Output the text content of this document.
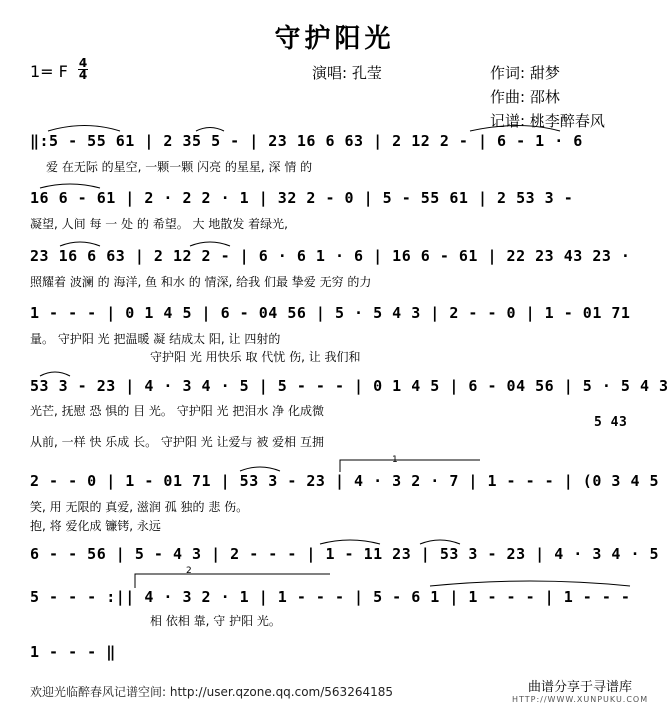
守护阳光
1= F 4
4	演唱: 孔莹	作词: 甜梦
作曲: 邵林
记谱: 桃李醉春风
‖:5 - 55 61 | 2 35 5 - | 23 16 6 63 | 2 12 2 - | 6 - 1 · 6
爱 在无际 的星空, 一颗一颗 闪亮 的星星, 深 情 的
16 6 - 61 | 2 · 2 2 · 1 | 32 2 - 0 | 5 - 55 61 | 2 53 3 -
凝望, 人间 每 一 处 的 希望。 大 地散发 着绿光,
23 16 6 63 | 2 12 2 - | 6 · 6 1 · 6 | 16 6 - 61 | 22 23 43 23 ·
照耀着 波澜 的 海洋, 鱼 和水 的 情深, 给我 们最 挚爱 无穷 的力
1 - - - | 0 1 4 5 | 6 - 04 56 | 5 · 5 4 3 | 2 - - 0 | 1 - 01 71
量。 守护阳 光 把温暖 凝 结成太 阳, 让 四射的
守护阳 光 用快乐 取 代忧 伤, 让 我们和
53 3 - 23 | 4 · 3 4 · 5 | 5 - - - | 0 1 4 5 | 6 - 04 56 | 5 · 5 4 3
光芒, 抚慰 恐 惧的 目 光。 守护阳 光 把泪水 净 化成微
5 43
从前, 一样 快 乐成 长。 守护阳 光 让爱与 被 爱相 互拥
2 - - 0 | 1 - 01 71 | 53 3 - 23 | 4 · 3 2 · 7 | 1 - - - | (0 3 4 5
笑, 用 无限的 真爱, 滋润 孤 独的 悲 伤。
抱, 将 爱化成 镰铐, 永远
1
6 - - 56 | 5 - 4 3 | 2 - - - | 1 - 11 23 | 53 3 - 23 | 4 · 3 4 · 5
5 - - - :|| 4 · 3 2 · 1 | 1 - - - | 5 - 6 1 | 1 - - - | 1 - - -
相 依相 靠, 守 护阳 光。
2
1 - - - ‖
欢迎光临醉春风记谱空间: http://user.qzone.qq.com/563264185	曲谱分享于寻谱库
HTTP://WWW.XUNPUKU.COM
